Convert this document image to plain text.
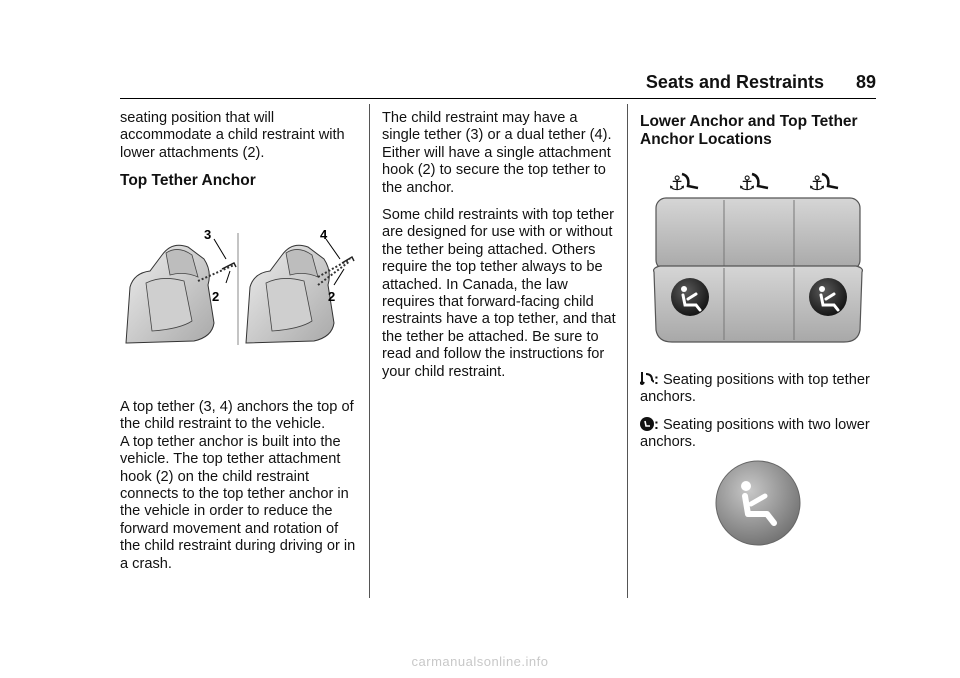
Seats and Restraints 89

seating position that will accommodate a child restraint with lower attachments (2).

Top Tether Anchor
3
2
4
2

A top tether (3, 4) anchors the top of the child restraint to the vehicle.

A top tether anchor is built into the vehicle. The top tether attachment hook (2) on the child restraint connects to the top tether anchor in the vehicle in order to reduce the forward movement and rotation of the child restraint during driving or in a crash.

The child restraint may have a single tether (3) or a dual tether (4). Either will have a single attachment hook (2) to secure the top tether to the anchor.

Some child restraints with top tether are designed for use with or without the tether being attached. Others require the top tether always to be attached. In Canada, the law requires that forward-facing child restraints have a top tether, and that the tether be attached. Be sure to read and follow the instructions for your child restraint.

Lower Anchor and Top Tether Anchor Locations
⚓	⚓	⚓

: Seating positions with top tether anchors.

: Seating positions with two lower anchors.

carmanualsonline.info
